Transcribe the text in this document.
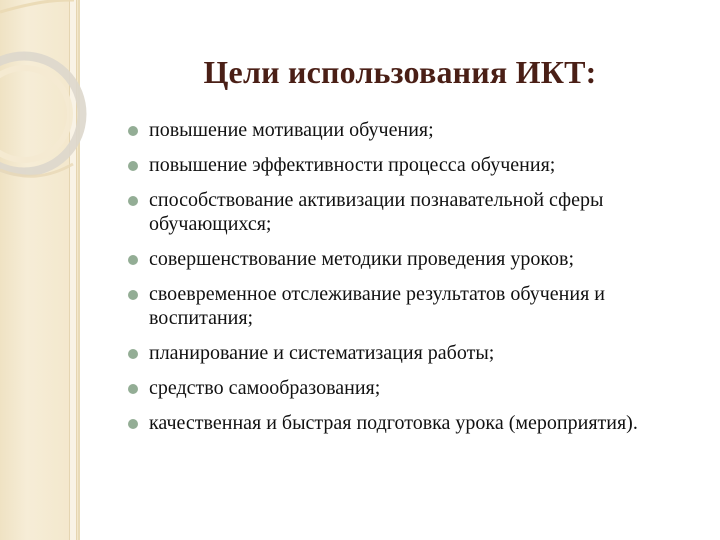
Цели использования ИКТ:
повышение мотивации обучения;
повышение эффективности процесса обучения;
способствование активизации познавательной сферы обучающихся;
совершенствование методики проведения уроков;
своевременное отслеживание результатов обучения и воспитания;
планирование и систематизация работы;
средство самообразования;
качественная и быстрая подготовка урока (мероприятия).
